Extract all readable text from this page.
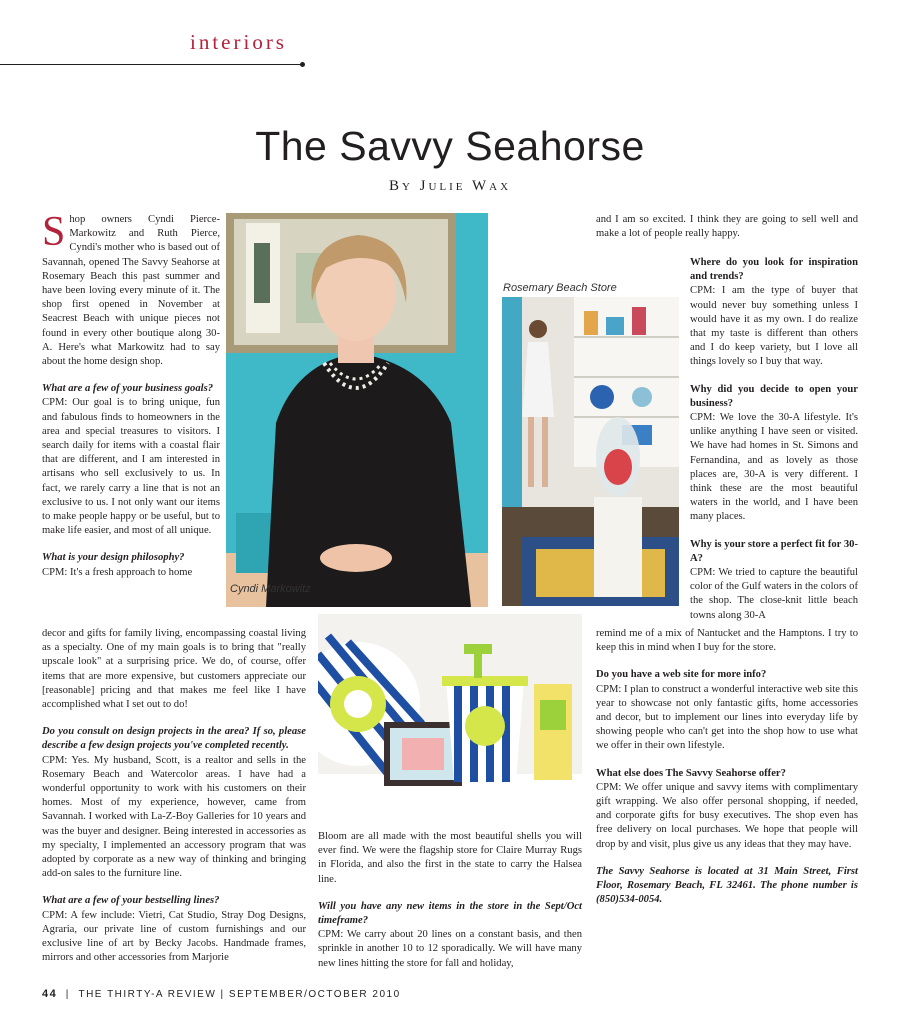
interiors
The Savvy Seahorse
By Julie Wax

Shop owners Cyndi Pierce-Markowitz and Ruth Pierce, Cyndi's mother who is based out of Savannah, opened The Savvy Seahorse at Rosemary Beach this past summer and have been loving every minute of it. The shop first opened in November at Seacrest Beach with unique pieces not found in every other boutique along 30-A. Here's what Markowitz had to say about the home design shop.

What are a few of your business goals?
CPM: Our goal is to bring unique, fun and fabulous finds to homeowners in the area and special treasures to visitors. I search daily for items with a coastal flair that are different, and I am interested in artisans who sell exclusively to us. In fact, we rarely carry a line that is not an exclusive to us. I not only want our items to make people happy or be useful, but to make life easier, and most of all unique.

What is your design philosophy?
CPM: It's a fresh approach to home

decor and gifts for family living, encompassing coastal living as a specialty. One of my main goals is to bring that "really upscale look" at a surprising price. We do, of course, offer items that are more expensive, but customers appreciate our [reasonable] pricing and that makes me feel like I have accomplished what I set out to do!

Do you consult on design projects in the area? If so, please describe a few design projects you've completed recently.
CPM: Yes. My husband, Scott, is a realtor and sells in the Rosemary Beach and Watercolor areas. I have had a wonderful opportunity to work with his customers on their homes. Most of my experience, however, came from Savannah. I worked with La-Z-Boy Galleries for 10 years and was the buyer and designer. Being interested in accessories as my specialty, I implemented an accessory program that was adopted by corporate as a new way of thinking and bringing add-on sales to the furniture line.

What are a few of your bestselling lines?
CPM: A few include: Vietri, Cat Studio, Stray Dog Designs, Agraria, our private line of custom furnishings and our exclusive line of art by Becky Jacobs. Handmade frames, mirrors and other accessories from Marjorie

Bloom are all made with the most beautiful shells you will ever find. We were the flagship store for Claire Murray Rugs in Florida, and also the first in the state to carry the Halsea line.

Will you have any new items in the store in the Sept/Oct timeframe?
CPM: We carry about 20 lines on a constant basis, and then sprinkle in another 10 to 12 sporadically. We will have many new lines hitting the store for fall and holiday,

and I am so excited. I think they are going to sell well and make a lot of people really happy.

Where do you look for inspiration and trends?
CPM: I am the type of buyer that would never buy something unless I would have it as my own. I do realize that my taste is different than others and I do keep variety, but I love all things lovely so I buy that way.

Why did you decide to open your business?
CPM: We love the 30-A lifestyle. It's unlike anything I have seen or visited. We have had homes in St. Simons and Fernandina, and as lovely as those places are, 30-A is very different. I think these are the most beautiful waters in the world, and I have been many places.

Why is your store a perfect fit for 30-A?
CPM: We tried to capture the beautiful color of the Gulf waters in the colors of the shop. The close-knit little beach towns along 30-A

remind me of a mix of Nantucket and the Hamptons. I try to keep this in mind when I buy for the store.

Do you have a web site for more info?
CPM: I plan to construct a wonderful interactive web site this year to showcase not only fantastic gifts, home accessories and decor, but to implement our lines into everyday life by showing people who can't get into the shop how to use what we offer in their own lifestyle.

What else does The Savvy Seahorse offer?
CPM: We offer unique and savvy items with complimentary gift wrapping. We also offer personal shopping, if needed, and corporate gifts for busy executives. The shop even has free delivery on local purchases. We hope that people will drop by and visit, plus give us any ideas that they may have.

The Savvy Seahorse is located at 31 Main Street, First Floor, Rosemary Beach, FL 32461. The phone number is (850)534-0054.

Cyndi Markowitz
Rosemary Beach Store
44  |  THE THIRTY-A REVIEW | SEPTEMBER/OCTOBER 2010
